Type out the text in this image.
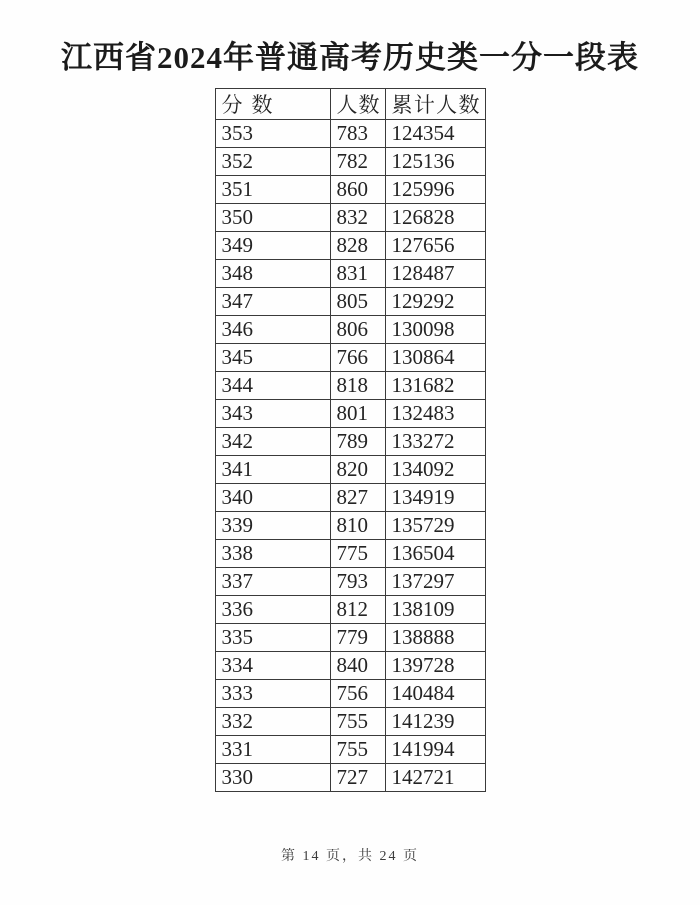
江西省2024年普通高考历史类一分一段表
分数	人数	累计人数
353	783	124354
352	782	125136
351	860	125996
350	832	126828
349	828	127656
348	831	128487
347	805	129292
346	806	130098
345	766	130864
344	818	131682
343	801	132483
342	789	133272
341	820	134092
340	827	134919
339	810	135729
338	775	136504
337	793	137297
336	812	138109
335	779	138888
334	840	139728
333	756	140484
332	755	141239
331	755	141994
330	727	142721
第 14 页，共 24 页
